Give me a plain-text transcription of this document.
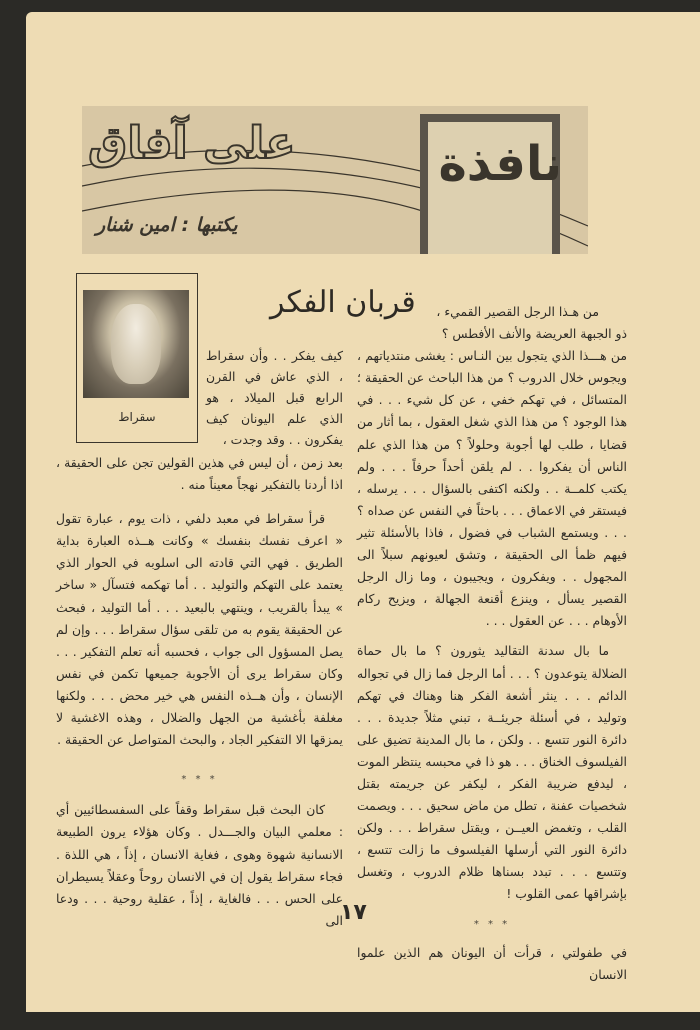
نافذة
على آفاق
يكتبها : امين شنار
قربان الفكر
سقراط

من هـذا الرجل القصير القميء ،

ذو الجبهة العريضة والأنف الأفطس ؟

من هـــذا الذي يتجول بين النـاس : يغشى منتدياتهم ، ويجوس خلال الدروب ؟ من هذا الباحث عن الحقيقة ؛ المتسائل ، في تهكم خفي ، عن كل شيء . . . في هذا الوجود ؟ من هذا الذي شغل العقول ، بما أثار من قضايا ، طلب لها أجوبة وحلولاً ؟ من هذا الذي علم الناس أن يفكروا . . لم يلقن أحداً حرفاً . . . ولم يكتب كلمــة . . ولكنه اكتفى بالسؤال . . . يرسله ، فيستقر في الاعماق . . . باحثاً في النفس عن صداه ؟ . . . ويستمع الشباب في فضول ، فاذا بالأسئلة تثير فيهم ظمأ الى الحقيقة ، وتشق لعيونهم سبلاً الى المجهول . . ويفكرون ، ويجيبون ، وما زال الرجل القصير يسأل ، وينزع أقنعة الجهالة ، ويزيح ركام الأوهام . . . عن العقول . . .

ما بال سدنة التقاليد يثورون ؟ ما بال حماة الضلالة يتوعدون ؟ . . . أما الرجل فما زال في تجواله الدائم . . . ينثر أشعة الفكر هنا وهناك في تهكم وتوليد ، في أسئلة جريئــة ، تبني مثلاً جديدة . . . دائرة النور تتسع . . ولكن ، ما بال المدينة تضيق على الفيلسوف الخناق . . . هو ذا في محبسه ينتظر الموت ، ليدفع ضريبة الفكر ، ليكفر عن جريمته بقتل شخصيات عفنة ، تطل من ماض سحيق . . . ويصمت القلب ، وتغمض العيــن ، ويقتل سقراط . . . ولكن دائرة النور التي أرسلها الفيلسوف ما زالت تتسع ، وتتسع . . . تبدد بسناها ظلام الدروب ، وتغسل بإشراقها عمى القلوب !

* * *

في طفولتي ، قرأت أن اليونان هم الذين علموا الانسان

كيف يفكر . . وأن سقراط ، الذي عاش في القرن الرابع قبل الميلاد ، هو الذي علم اليونان كيف يفكرون . . وقد وجدت ،

بعد زمن ، أن ليس في هذين القولين تجن على الحقيقة ، اذا أردنا بالتفكير نهجاً معيناً منه .

قرأ سقراط في معبد دلفي ، ذات يوم ، عبارة تقول « اعرف نفسك بنفسك » وكانت هــذه العبارة بداية الطريق . فهي التي قادته الى اسلوبه في الحوار الذي يعتمد على التهكم والتوليد . . أما تهكمه فتسآل « ساخر » يبدأ بالقريب ، وينتهي بالبعيد . . . أما التوليد ، فبحث عن الحقيقة يقوم به من تلقى سؤال سقراط . . . وإن لم يصل المسؤول الى جواب ، فحسبه أنه تعلم التفكير . . . وكان سقراط يرى أن الأجوبة جميعها تكمن في نفس الإنسان ، وأن هــذه النفس هي خير محض . . . ولكنها مغلفة بأغشية من الجهل والضلال ، وهذه الاغشية لا يمزقها الا التفكير الجاد ، والبحث المتواصل عن الحقيقة .

* * *

كان البحث قبل سقراط وقفاً على السفسطائيين أي : معلمي البيان والجـــدل . وكان هؤلاء يرون الطبيعة الانسانية شهوة وهوى ، فغاية الانسان ، إذاً ، هي اللذة . فجاء سقراط يقول إن في الانسان روحاً وعقلاً يسيطران على الحس . . . فالغاية ، إذاً ، عقلية روحية . . . ودعا الى

١٧
